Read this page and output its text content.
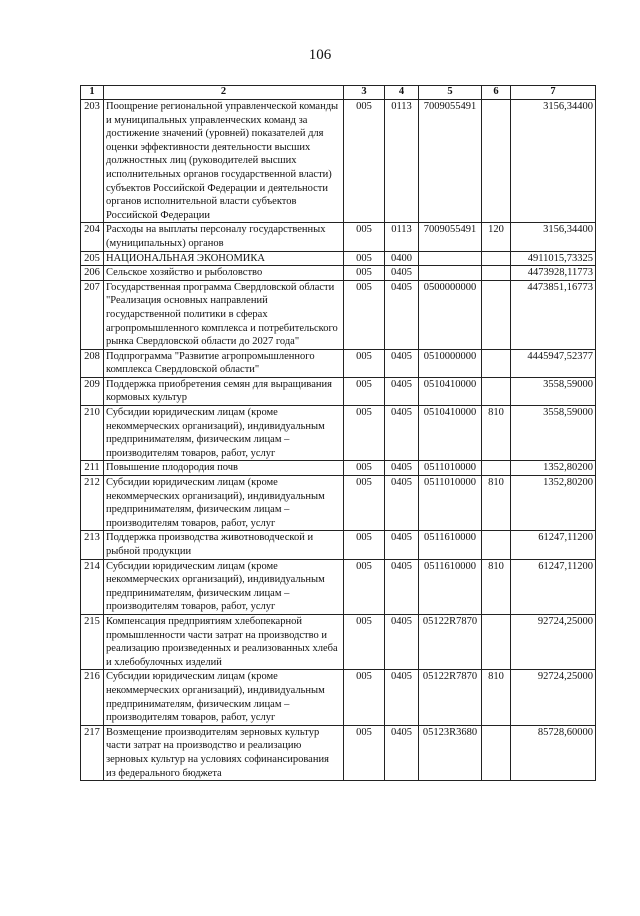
106
1	2	3	4	5	6	7
203	Поощрение региональной управленческой команды и муниципальных управленческих команд за достижение значений (уровней) показателей для оценки эффективности деятельности высших должностных лиц (руководителей высших исполнительных органов государственной власти) субъектов Российской Федерации и деятельности органов исполнительной власти субъектов Российской Федерации	005	0113	7009055491		3156,34400
204	Расходы на выплаты персоналу государственных (муниципальных) органов	005	0113	7009055491	120	3156,34400
205	НАЦИОНАЛЬНАЯ ЭКОНОМИКА	005	0400			4911015,73325
206	Сельское хозяйство и рыболовство	005	0405			4473928,11773
207	Государственная программа Свердловской области "Реализация основных направлений государственной политики в сферах агропромышленного комплекса и потребительского рынка Свердловской области до 2027 года"	005	0405	0500000000		4473851,16773
208	Подпрограмма "Развитие агропромышленного комплекса Свердловской области"	005	0405	0510000000		4445947,52377
209	Поддержка приобретения семян для выращивания кормовых культур	005	0405	0510410000		3558,59000
210	Субсидии юридическим лицам (кроме некоммерческих организаций), индивидуальным предпринимателям, физическим лицам – производителям товаров, работ, услуг	005	0405	0510410000	810	3558,59000
211	Повышение плодородия почв	005	0405	0511010000		1352,80200
212	Субсидии юридическим лицам (кроме некоммерческих организаций), индивидуальным предпринимателям, физическим лицам – производителям товаров, работ, услуг	005	0405	0511010000	810	1352,80200
213	Поддержка производства животноводческой и рыбной продукции	005	0405	0511610000		61247,11200
214	Субсидии юридическим лицам (кроме некоммерческих организаций), индивидуальным предпринимателям, физическим лицам – производителям товаров, работ, услуг	005	0405	0511610000	810	61247,11200
215	Компенсация предприятиям хлебопекарной промышленности части затрат на производство и реализацию произведенных и реализованных хлеба и хлебобулочных изделий	005	0405	05122R7870		92724,25000
216	Субсидии юридическим лицам (кроме некоммерческих организаций), индивидуальным предпринимателям, физическим лицам – производителям товаров, работ, услуг	005	0405	05122R7870	810	92724,25000
217	Возмещение производителям зерновых культур части затрат на производство и реализацию зерновых культур на условиях софинансирования из федерального бюджета	005	0405	05123R3680		85728,60000
